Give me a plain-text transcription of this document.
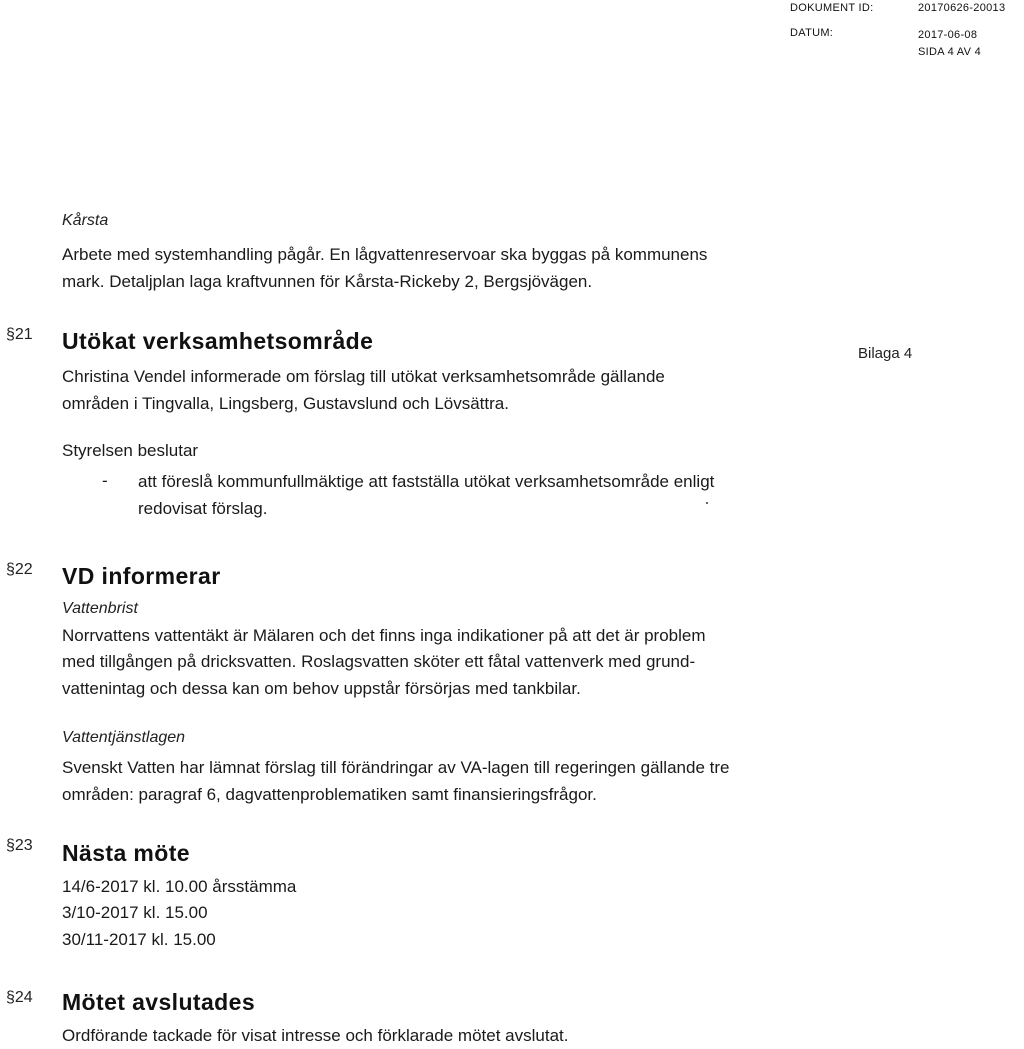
DOKUMENT ID:	20170626-20013
DATUM:	2017-06-08
SIDA 4 AV 4
Kårsta
Arbete med systemhandling pågår. En lågvattenreservoar ska byggas på kommunens
mark. Detaljplan laga kraftvunnen för Kårsta-Rickeby 2, Bergsjövägen.
§21 Utökat verksamhetsområde	Bilaga 4
Christina Vendel informerade om förslag till utökat verksamhetsområde gällande
områden i Tingvalla, Lingsberg, Gustavslund och Lövsättra.
Styrelsen beslutar
- att föreslå kommunfullmäktige att fastställa utökat verksamhetsområde enligt
redovisat förslag.
§22 VD informerar
Vattenbrist
Norrvattens vattentäkt är Mälaren och det finns inga indikationer på att det är problem
med tillgången på dricksvatten. Roslagsvatten sköter ett fåtal vattenverk med grund-
vattenintag och dessa kan om behov uppstår försörjas med tankbilar.
Vattentjänstlagen
Svenskt Vatten har lämnat förslag till förändringar av VA-lagen till regeringen gällande tre
områden: paragraf 6, dagvattenproblematiken samt finansieringsfrågor.
§23 Nästa möte
14/6-2017 kl. 10.00 årsstämma
3/10-2017 kl. 15.00
30/11-2017 kl. 15.00
§24 Mötet avslutades
Ordförande tackade för visat intresse och förklarade mötet avslutat.
